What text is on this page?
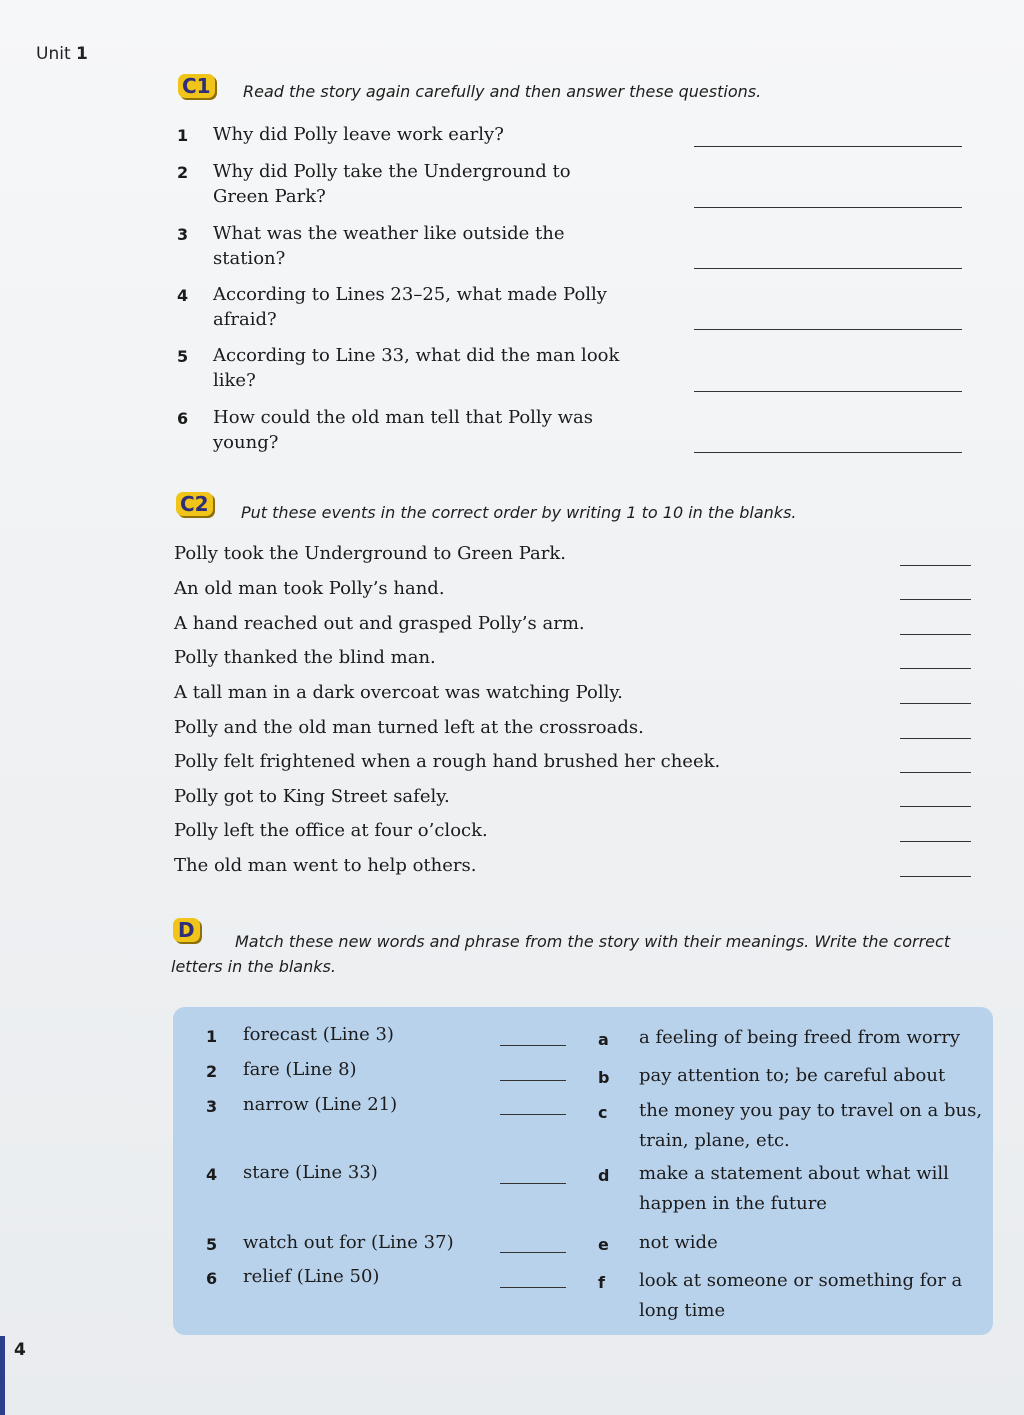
Unit 1
C1 Read the story again carefully and then answer these questions.
1 Why did Polly leave work early?
2 Why did Polly take the Underground to Green Park?
3 What was the weather like outside the station?
4 According to Lines 23–25, what made Polly afraid?
5 According to Line 33, what did the man look like?
6 How could the old man tell that Polly was young?
C2 Put these events in the correct order by writing 1 to 10 in the blanks.
Polly took the Underground to Green Park.
An old man took Polly’s hand.
A hand reached out and grasped Polly’s arm.
Polly thanked the blind man.
A tall man in a dark overcoat was watching Polly.
Polly and the old man turned left at the crossroads.
Polly felt frightened when a rough hand brushed her cheek.
Polly got to King Street safely.
Polly left the office at four o’clock.
The old man went to help others.
D	Match these new words and phrase from the story with their meanings. Write the correct letters in the blanks.
1 forecast (Line 3)	a a feeling of being freed from worry
2 fare (Line 8)	b pay attention to; be careful about
3 narrow (Line 21)	c the money you pay to travel on a bus, train, plane, etc.
4 stare (Line 33)	d make a statement about what will happen in the future
5 watch out for (Line 37)	e not wide
6 relief (Line 50)	f look at someone or something for a long time
4
